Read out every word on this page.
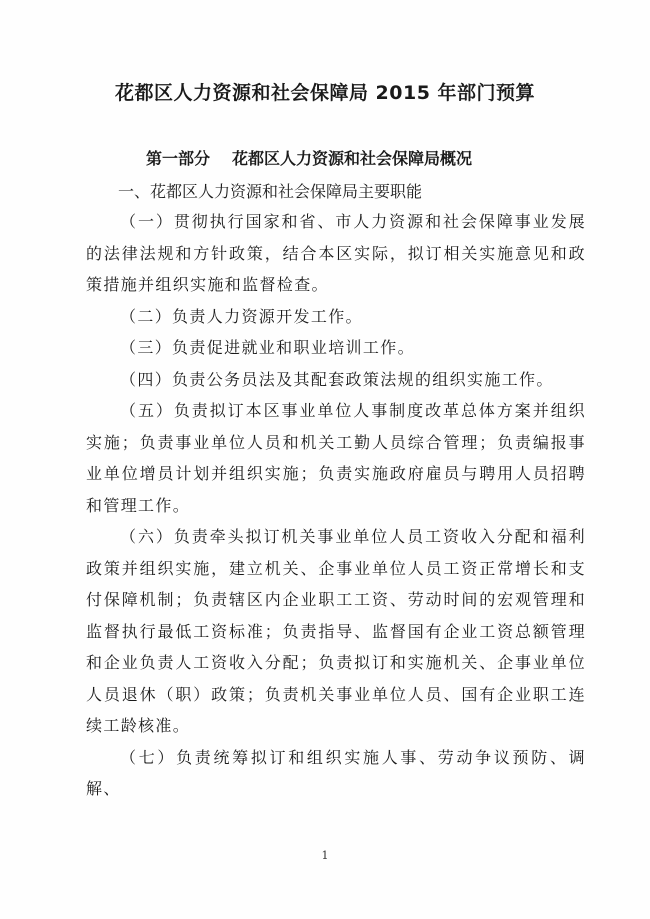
花都区人力资源和社会保障局 2015 年部门预算
第一部分 花都区人力资源和社会保障局概况
一、花都区人力资源和社会保障局主要职能

（一）贯彻执行国家和省、市人力资源和社会保障事业发展的法律法规和方针政策，结合本区实际，拟订相关实施意见和政策措施并组织实施和监督检查。

（二）负责人力资源开发工作。

（三）负责促进就业和职业培训工作。

（四）负责公务员法及其配套政策法规的组织实施工作。

（五）负责拟订本区事业单位人事制度改革总体方案并组织实施；负责事业单位人员和机关工勤人员综合管理；负责编报事业单位增员计划并组织实施；负责实施政府雇员与聘用人员招聘和管理工作。

（六）负责牵头拟订机关事业单位人员工资收入分配和福利政策并组织实施，建立机关、企事业单位人员工资正常增长和支付保障机制；负责辖区内企业职工工资、劳动时间的宏观管理和监督执行最低工资标准；负责指导、监督国有企业工资总额管理和企业负责人工资收入分配；负责拟订和实施机关、企事业单位人员退休（职）政策；负责机关事业单位人员、国有企业职工连续工龄核准。

（七）负责统筹拟订和组织实施人事、劳动争议预防、调解、

1
